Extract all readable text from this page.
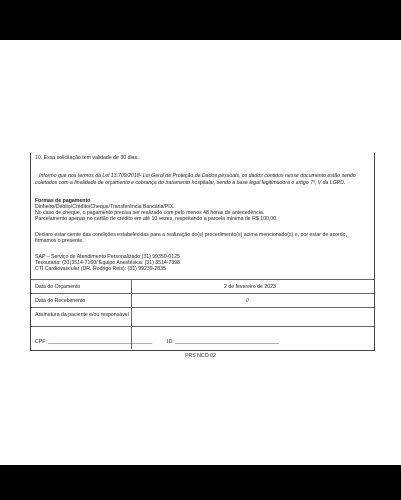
10. Essa solicitação tem validade de 30 dias.
Informo que nos termos da Lei 13.709/2018- Lei Geral de Proteção de Dados pessoais, os dados contidos nesse documento estão sendo
coletados com a finalidade de orçamento e cobrança do tratamento hospitalar, sendo a base legal legitimadora o artigo 7º, V da LGPD.
Formas de pagamento
Dinheiro/Débito/Crédito/Cheque/Transferência Bancária/PIX.
No caso de cheque, o pagamento precisa ser realizado com pelo menos 48 horas de antecedência.
Parcelamento apenas no cartão de crédito em até 10 vezes, respeitando a parcela mínima de R$ 100,00.
Declaro estar ciente das condições estabelecidas para a realização do(s) procedimento(s) acima mencionado(s) e, por estar de acordo,
firmamos o presente.
SAP – Serviço de Atendimento Personalizado (31) 99350-0125
Tesouraria: (31)3514-7160/ Equipe Anestésica: (31) 3514-7398
CTI Cardiovascular (DR. Rodrigo Reis): (31) 99239-2835
Data do Orçamento	2 de fevereiro de 2023
Data do Recebimento	//
Assinatura da paciente e/ou responsável
CPF: ____________________________________	ID: ____________________________________
PRS NCO 02
